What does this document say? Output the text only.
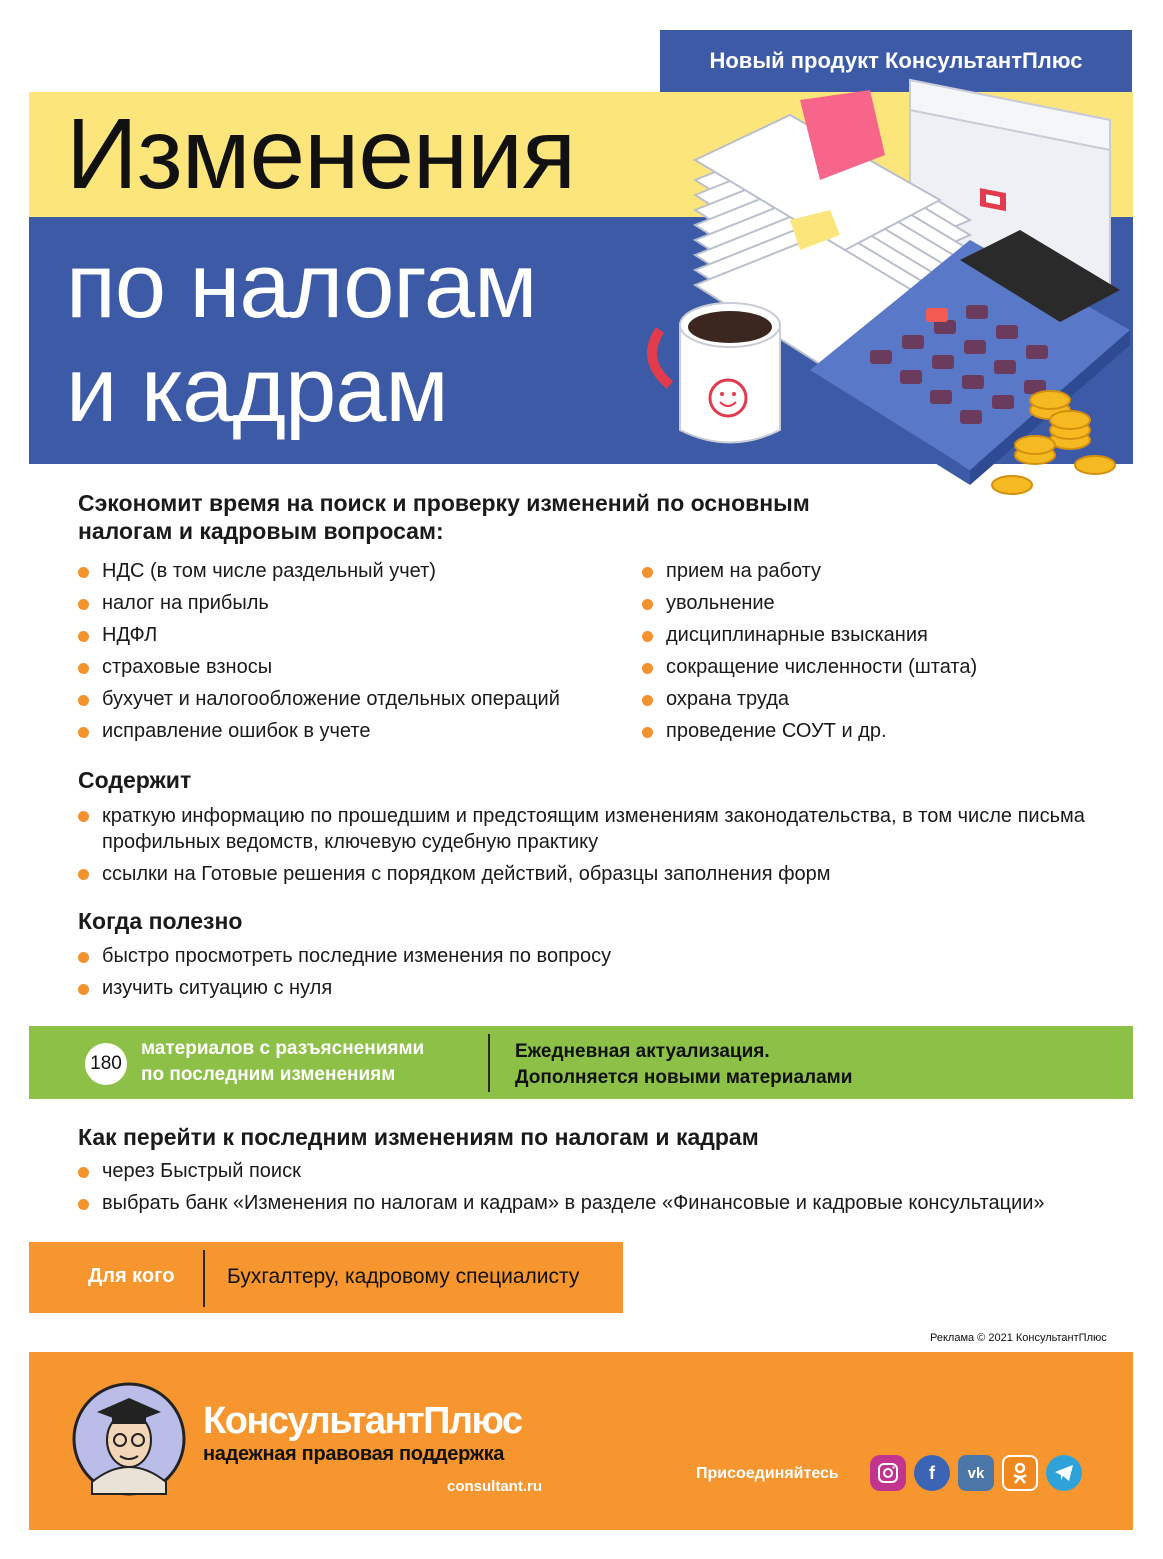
Новый продукт КонсультантПлюс
Изменения
по налогам
и кадрам
Сэкономит время на поиск и проверку изменений по основным
налогам и кадровым вопросам:
НДС (в том числе раздельный учет)
налог на прибыль
НДФЛ
страховые взносы
бухучет и налогообложение отдельных операций
исправление ошибок в учете
прием на работу
увольнение
дисциплинарные взыскания
сокращение численности (штата)
охрана труда
проведение СОУТ и др.
Содержит
краткую информацию по прошедшим и предстоящим изменениям законодательства, в том числе письма профильных ведомств, ключевую судебную практику
ссылки на Готовые решения с порядком действий, образцы заполнения форм
Когда полезно
быстро просмотреть последние изменения по вопросу
изучить ситуацию с нуля
180
материалов с разъяснениями
по последним изменениям
Ежедневная актуализация.
Дополняется новыми материалами
Как перейти к последним изменениям по налогам и кадрам
через Быстрый поиск
выбрать банк «Изменения по налогам и кадрам» в разделе «Финансовые и кадровые консультации»
Для кого	Бухгалтеру, кадровому специалисту
Реклама © 2021 КонсультантПлюс
КонсультантПлюс
надежная правовая поддержка
consultant.ru
Присоединяйтесь	f	vk
